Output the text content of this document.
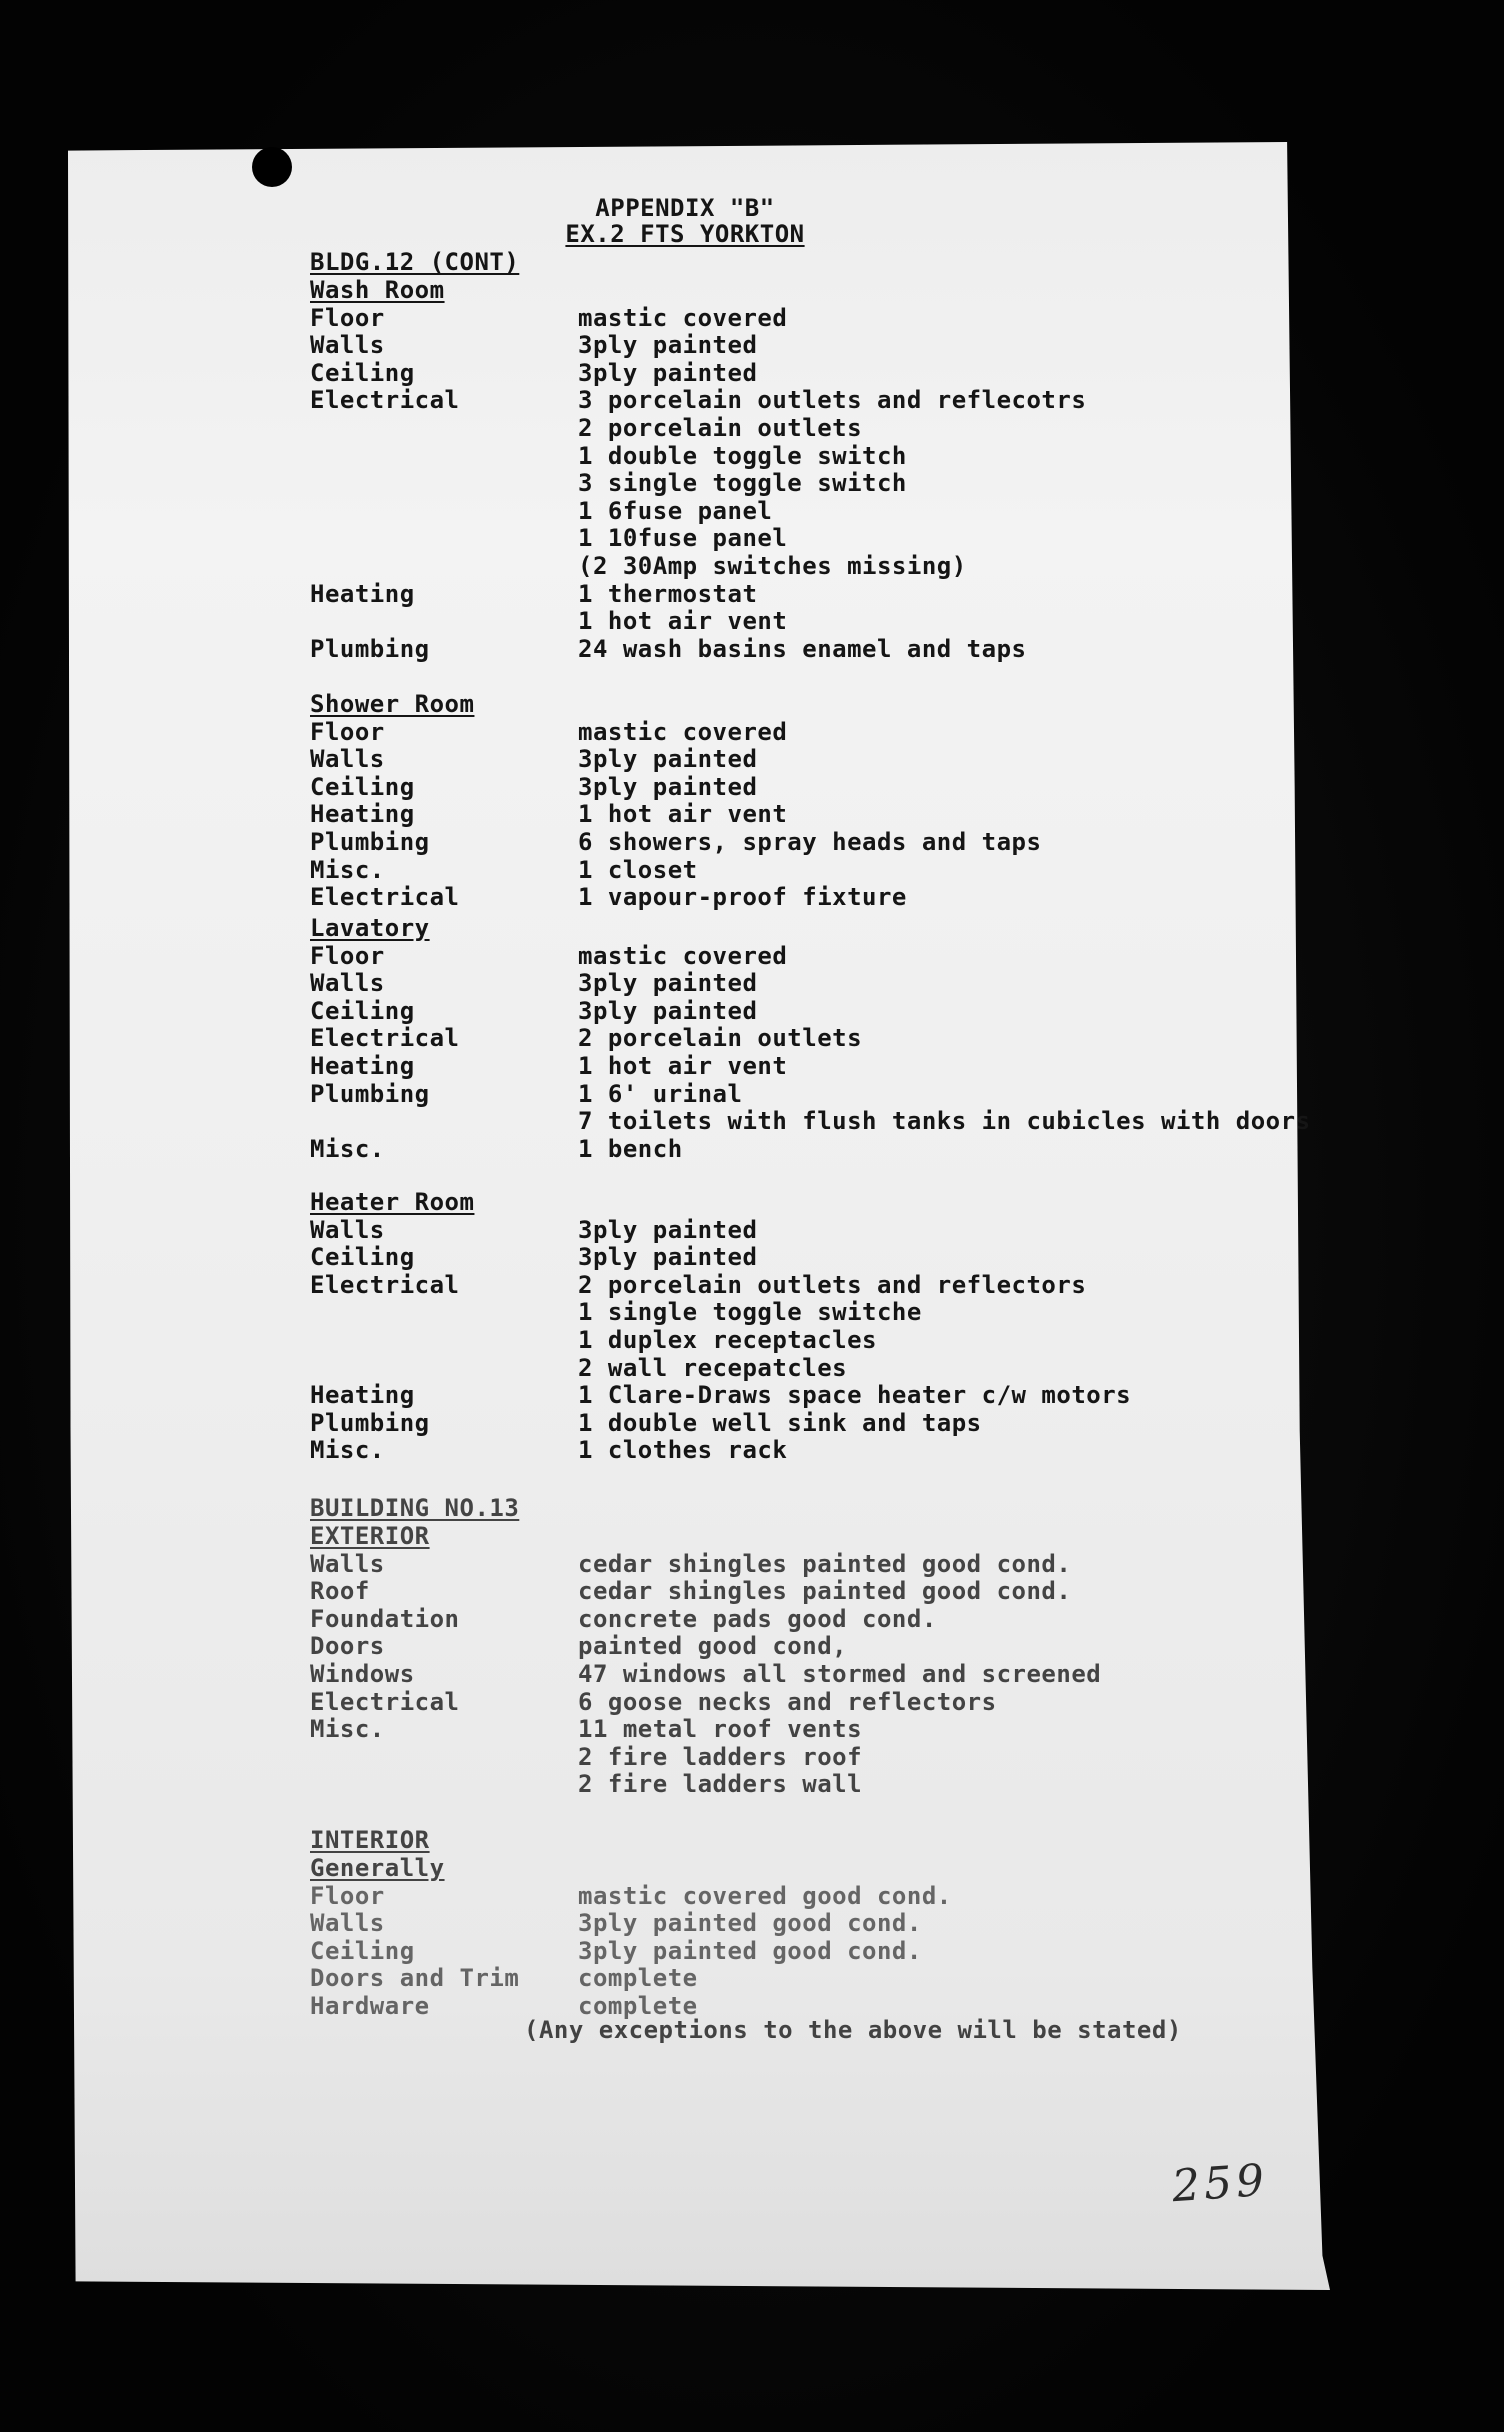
APPENDIX "B"
EX.2 FTS YORKTON
BLDG.12 (CONT)
Wash Room
Floor	mastic covered
Walls	3ply painted
Ceiling	3ply painted
Electrical	3 porcelain outlets and reflecotrs
2 porcelain outlets
1 double toggle switch
3 single toggle switch
1 6fuse panel
1 10fuse panel
(2 30Amp switches missing)
Heating	1 thermostat
1 hot air vent
Plumbing	24 wash basins enamel and taps
Shower Room
Floor	mastic covered
Walls	3ply painted
Ceiling	3ply painted
Heating	1 hot air vent
Plumbing	6 showers, spray heads and taps
Misc.	1 closet
Electrical	1 vapour-proof fixture
Lavatory
Floor	mastic covered
Walls	3ply painted
Ceiling	3ply painted
Electrical	2 porcelain outlets
Heating	1 hot air vent
Plumbing	1 6' urinal
7 toilets with flush tanks in cubicles with doors
Misc.	1 bench
Heater Room
Walls	3ply painted
Ceiling	3ply painted
Electrical	2 porcelain outlets and reflectors
1 single toggle switche
1 duplex receptacles
2 wall recepatcles
Heating	1 Clare-Draws space heater c/w motors
Plumbing	1 double well sink and taps
Misc.	1 clothes rack
BUILDING NO.13
EXTERIOR
Walls	cedar shingles painted good cond.
Roof	cedar shingles painted good cond.
Foundation	concrete pads good cond.
Doors	painted good cond,
Windows	47 windows all stormed and screened
Electrical	6 goose necks and reflectors
Misc.	11 metal roof vents
2 fire ladders roof
2 fire ladders wall
INTERIOR
Generally
Floor	mastic covered good cond.
Walls	3ply painted good cond.
Ceiling	3ply painted good cond.
Doors and Trim complete
Hardware	complete
(Any exceptions to the above will be stated)
259
